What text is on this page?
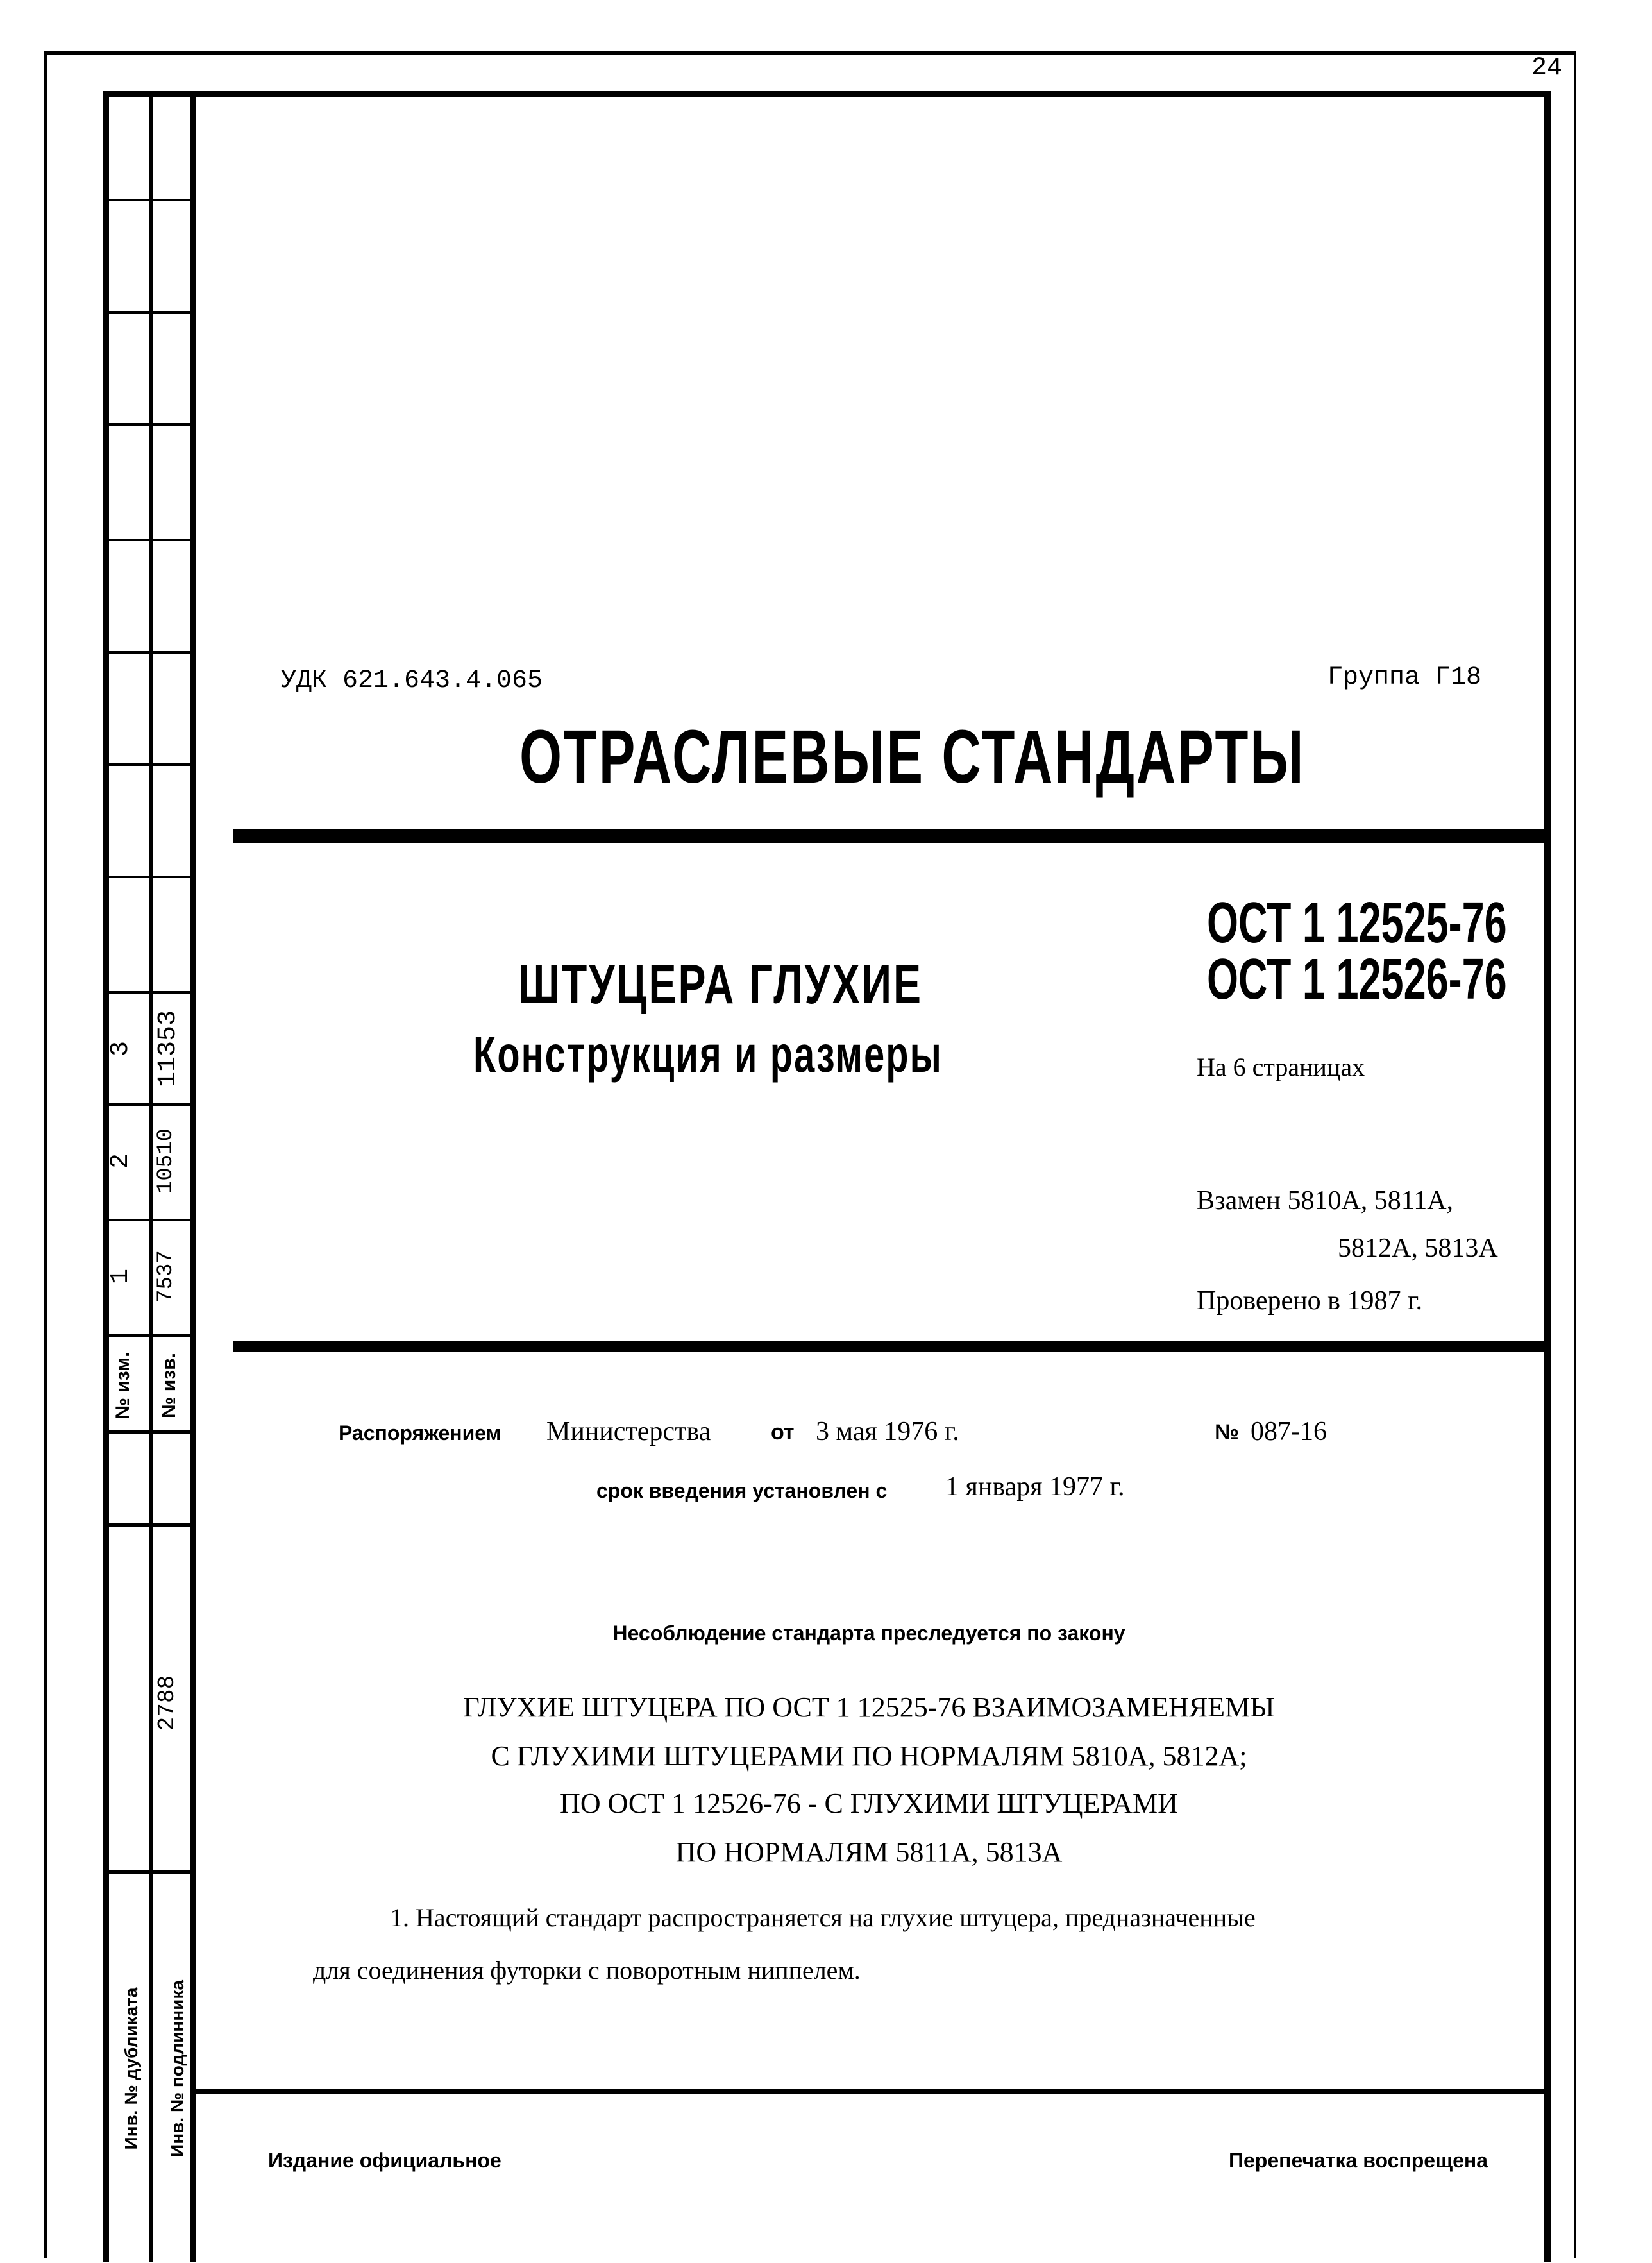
24
№ изм.	№ изв.
1 7537
2 10510
3 11353
2788
Инв. № дубликата	Инв. № подлинника
УДК 621.643.4.065	Группа Г18
ОТРАСЛЕВЫЕ СТАНДАРТЫ
ОСТ 1 12525-76
ОСТ 1 12526-76
ШТУЦЕРА ГЛУХИЕ
Конструкция и размеры	На 6 страницах
Взамен 5810А, 5811А,
5812А, 5813А
Проверено в 1987 г.
Распоряжением Министерства	от 3 мая 1976 г.	№ 087-16
срок введения установлен с 1 января 1977 г.
Несоблюдение стандарта преследуется по закону
ГЛУХИЕ ШТУЦЕРА ПО ОСТ 1 12525-76 ВЗАИМОЗАМЕНЯЕМЫ
С ГЛУХИМИ ШТУЦЕРАМИ ПО НОРМАЛЯМ 5810А, 5812А;
ПО ОСТ 1 12526-76 - С ГЛУХИМИ ШТУЦЕРАМИ
ПО НОРМАЛЯМ 5811А, 5813А
1. Настоящий стандарт распространяется на глухие штуцера, предназначенные
для соединения футорки с поворотным ниппелем.
Издание официальное	Перепечатка воспрещена
